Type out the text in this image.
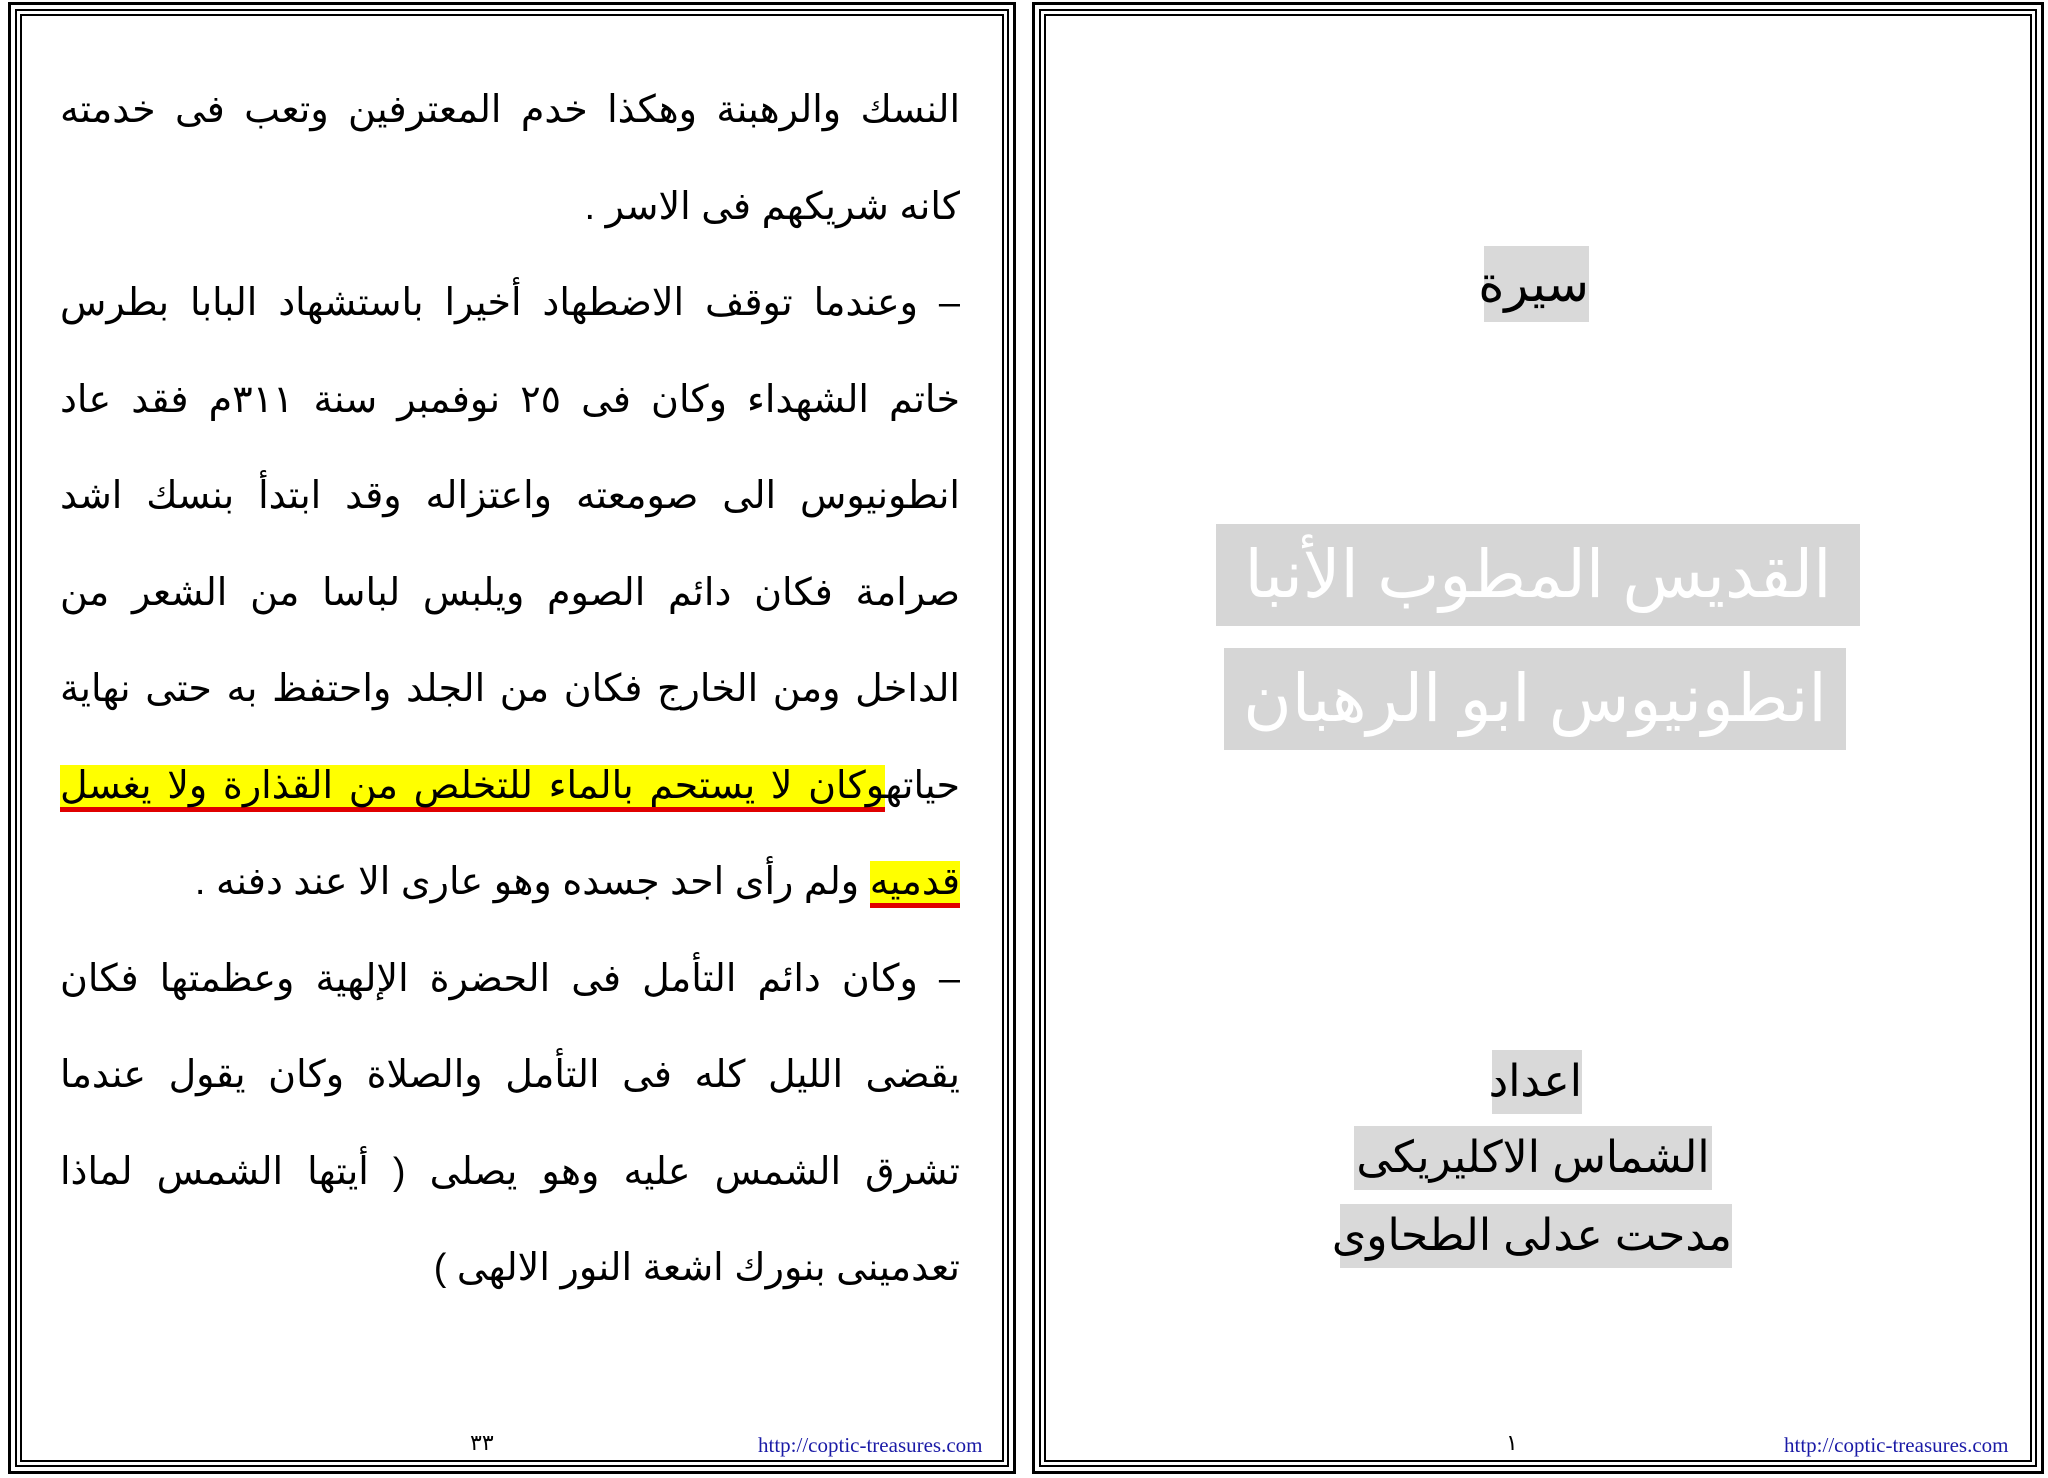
النسك والرهبنة وهكذا خدم المعترفين وتعب فى خدمته كانه شريكهم فى الاسر .

– وعندما توقف الاضطهاد أخيرا باستشهاد البابا بطرس خاتم الشهداء وكان فى ٢٥ نوفمبر سنة ٣١١م فقد عاد انطونيوس الى صومعته واعتزاله وقد ابتدأ بنسك اشد صرامة فكان دائم الصوم ويلبس لباسا من الشعر من الداخل ومن الخارج فكان من الجلد واحتفظ به حتى نهاية حياتهوكان لا يستحم بالماء للتخلص من القذارة ولا يغسل قدميه ولم رأى احد جسده وهو عارى الا عند دفنه .

– وكان دائم التأمل فى الحضرة الإلهية وعظمتها فكان يقضى الليل كله فى التأمل والصلاة وكان يقول عندما تشرق الشمس عليه وهو يصلى ( أيتها الشمس لماذا تعدمينى بنورك اشعة النور الالهى )

٣٣	http://coptic-treasures.com
سيرة
القديس المطوب الأنبا
انطونيوس ابو الرهبان
اعداد
الشماس الاكليريكى
مدحت عدلى الطحاوى
١	http://coptic-treasures.com
